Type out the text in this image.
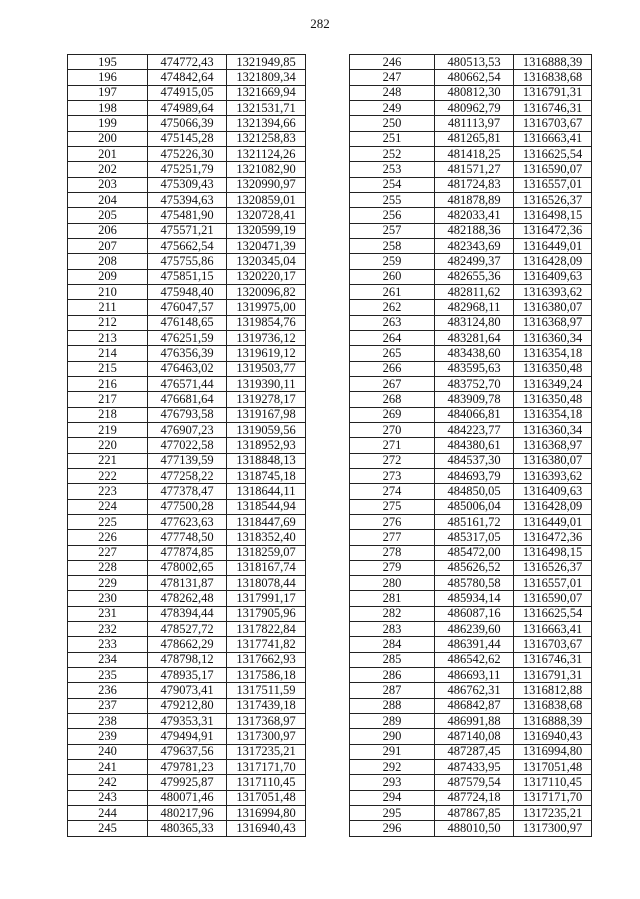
282
195	474772,43	1321949,85
196	474842,64	1321809,34
197	474915,05	1321669,94
198	474989,64	1321531,71
199	475066,39	1321394,66
200	475145,28	1321258,83
201	475226,30	1321124,26
202	475251,79	1321082,90
203	475309,43	1320990,97
204	475394,63	1320859,01
205	475481,90	1320728,41
206	475571,21	1320599,19
207	475662,54	1320471,39
208	475755,86	1320345,04
209	475851,15	1320220,17
210	475948,40	1320096,82
211	476047,57	1319975,00
212	476148,65	1319854,76
213	476251,59	1319736,12
214	476356,39	1319619,12
215	476463,02	1319503,77
216	476571,44	1319390,11
217	476681,64	1319278,17
218	476793,58	1319167,98
219	476907,23	1319059,56
220	477022,58	1318952,93
221	477139,59	1318848,13
222	477258,22	1318745,18
223	477378,47	1318644,11
224	477500,28	1318544,94
225	477623,63	1318447,69
226	477748,50	1318352,40
227	477874,85	1318259,07
228	478002,65	1318167,74
229	478131,87	1318078,44
230	478262,48	1317991,17
231	478394,44	1317905,96
232	478527,72	1317822,84
233	478662,29	1317741,82
234	478798,12	1317662,93
235	478935,17	1317586,18
236	479073,41	1317511,59
237	479212,80	1317439,18
238	479353,31	1317368,97
239	479494,91	1317300,97
240	479637,56	1317235,21
241	479781,23	1317171,70
242	479925,87	1317110,45
243	480071,46	1317051,48
244	480217,96	1316994,80
245	480365,33	1316940,43
246	480513,53	1316888,39
247	480662,54	1316838,68
248	480812,30	1316791,31
249	480962,79	1316746,31
250	481113,97	1316703,67
251	481265,81	1316663,41
252	481418,25	1316625,54
253	481571,27	1316590,07
254	481724,83	1316557,01
255	481878,89	1316526,37
256	482033,41	1316498,15
257	482188,36	1316472,36
258	482343,69	1316449,01
259	482499,37	1316428,09
260	482655,36	1316409,63
261	482811,62	1316393,62
262	482968,11	1316380,07
263	483124,80	1316368,97
264	483281,64	1316360,34
265	483438,60	1316354,18
266	483595,63	1316350,48
267	483752,70	1316349,24
268	483909,78	1316350,48
269	484066,81	1316354,18
270	484223,77	1316360,34
271	484380,61	1316368,97
272	484537,30	1316380,07
273	484693,79	1316393,62
274	484850,05	1316409,63
275	485006,04	1316428,09
276	485161,72	1316449,01
277	485317,05	1316472,36
278	485472,00	1316498,15
279	485626,52	1316526,37
280	485780,58	1316557,01
281	485934,14	1316590,07
282	486087,16	1316625,54
283	486239,60	1316663,41
284	486391,44	1316703,67
285	486542,62	1316746,31
286	486693,11	1316791,31
287	486762,31	1316812,88
288	486842,87	1316838,68
289	486991,88	1316888,39
290	487140,08	1316940,43
291	487287,45	1316994,80
292	487433,95	1317051,48
293	487579,54	1317110,45
294	487724,18	1317171,70
295	487867,85	1317235,21
296	488010,50	1317300,97
